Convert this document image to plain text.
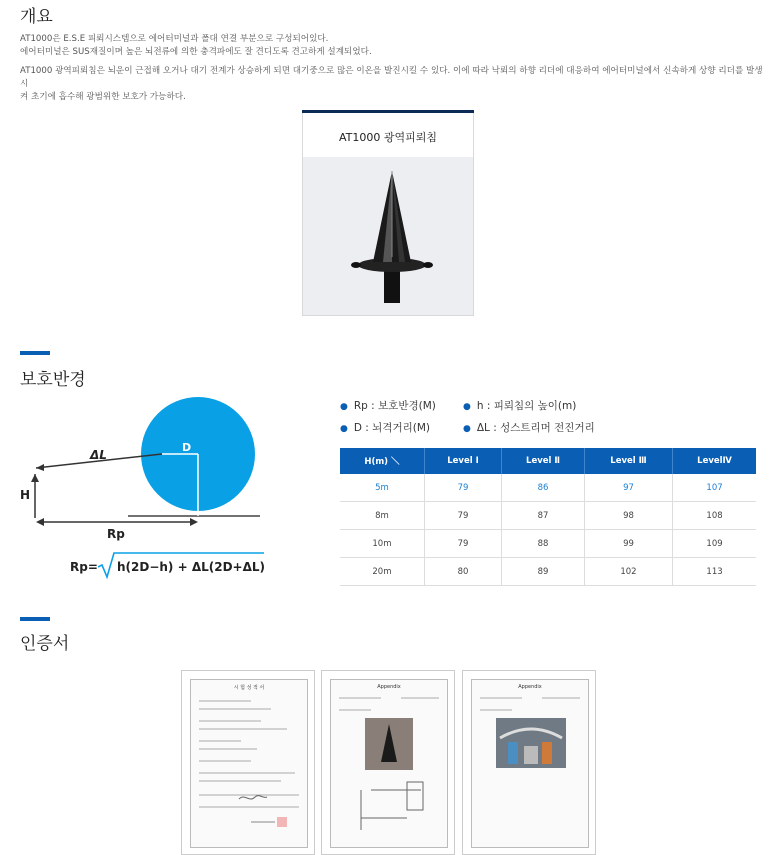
개요
AT1000은 E.S.E 피뢰시스템으로 에어터미널과 폴대 연결 부분으로 구성되어있다.
에어터미널은 SUS재질이며 높은 뇌전류에 의한 충격파에도 잘 견디도록 견고하게 설계되었다.
AT1000 광역피뢰침은 뇌운이 근접해 오거나 대기 전계가 상승하게 되면 대기중으로 많은 이온을 발진시킬 수 있다. 이에 따라 낙뢰의 하향 리더에 대응하여 에어터미널에서 신속하게 상향 리더를 발생시
켜 초기에 흡수해 광범위한 보호가 가능하다.
AT1000 광역피뢰침
보호반경
D
ΔL
H
Rp
Rp= h(2D−h) + ΔL(2D+ΔL)
● Rp : 보호반경(M)	● h : 피뢰침의 높이(m)
● D : 뇌격거리(M)	● ΔL : 성스트리머 전진거리
H(m) ＼	Level Ⅰ	Level Ⅱ	Level Ⅲ	LevelⅣ
5m	79	86	97	107
8m	79	87	98	108
10m	79	88	99	109
20m	80	89	102	113
인증서
시 험 성 적 서	Appendix	Appendix
